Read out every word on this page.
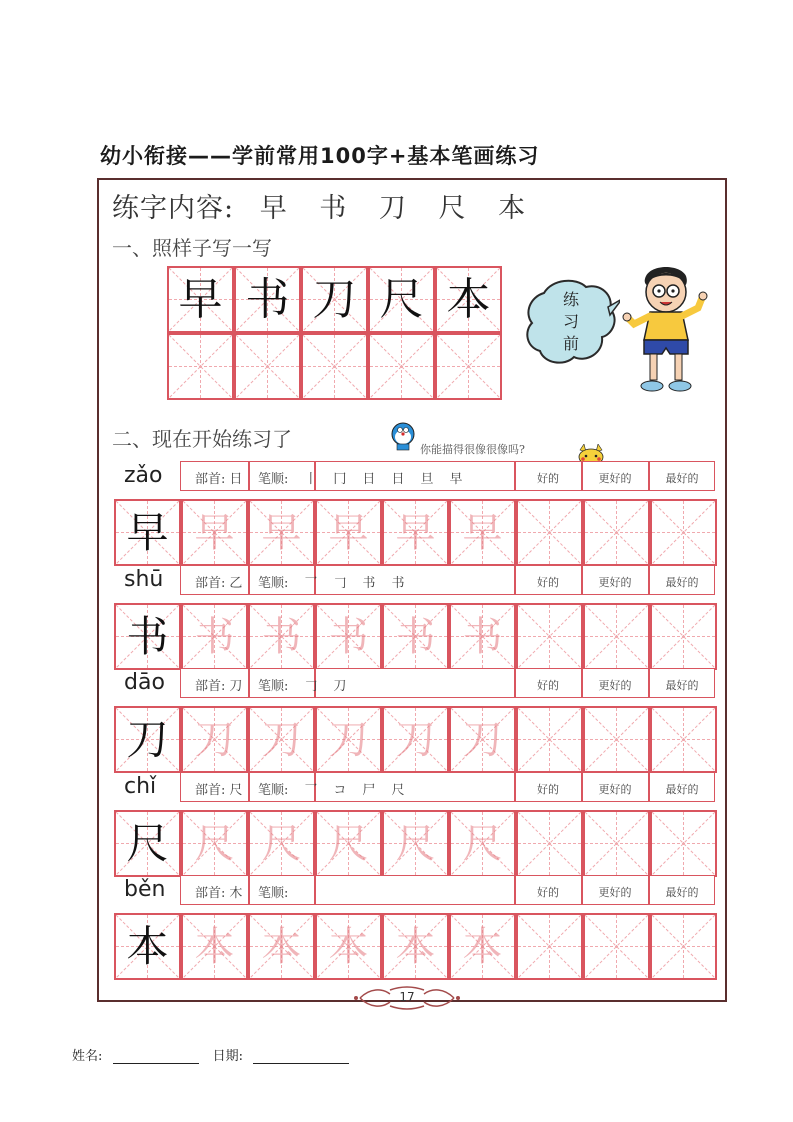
幼小衔接——学前常用100字+基本笔画练习
练字内容: 早 书 刀 尺 本
一、照样子写一写
早 书 刀 尺 本	练
习
前
二、现在开始练习了	你能描得很像很像吗?
zǎo	部首: 日 笔顺: 丨 冂 日 日 旦 早	好的	更好的	最好的
早 早 早 早 早 早
shū 部首: 乙 笔顺: 乛 𠃌 书 书	好的	更好的	最好的
书 书 书 书 书 书
dāo 部首: 刀 笔顺: 𠃌 刀	好的	更好的	最好的
刀 刀 刀 刀 刀 刀
chǐ	部首: 尺 笔顺: 乛 コ 尸 尺	好的	更好的	最好的
尺 尺 尺 尺 尺 尺
běn 部首: 木 笔顺:	好的	更好的	最好的
本 本 本 本 本 本
17
姓名:	日期:
